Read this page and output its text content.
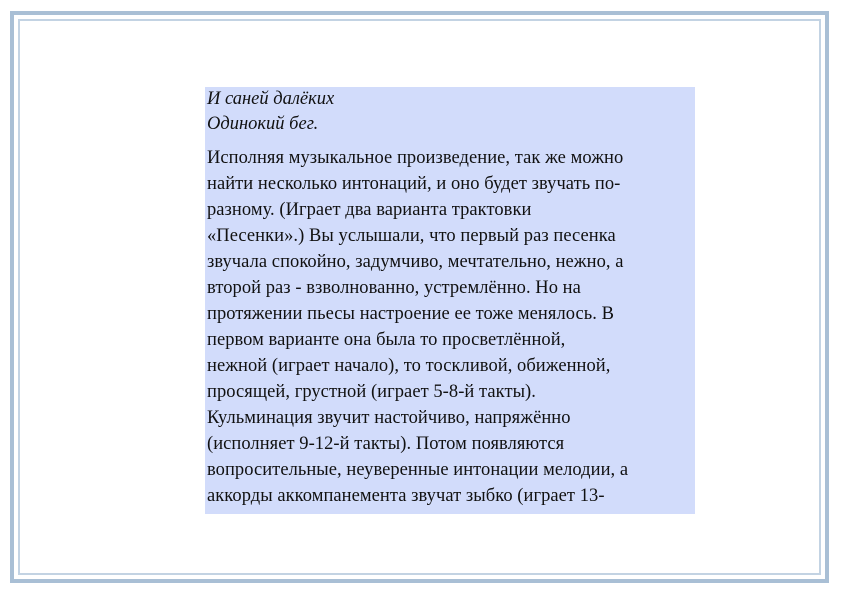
И саней далёких
Одинокий бег.
Исполняя музыкальное произведение, так же можно
найти несколько интонаций, и оно будет звучать по-
разному. (Играет два варианта трактовки
«Песенки».) Вы услышали, что первый раз песенка
звучала спокойно, задумчиво, мечтательно, нежно, а
второй раз - взволнованно, устремлённо. Но на
протяжении пьесы настроение ее тоже менялось. В
первом варианте она была то просветлённой,
нежной (играет начало), то тоскливой, обиженной,
просящей, грустной (играет 5-8-й такты).
Кульминация звучит настойчиво, напряжённо
(исполняет 9-12-й такты). Потом появляются
вопросительные, неуверенные интонации мелодии, а
аккорды аккомпанемента звучат зыбко (играет 13-
